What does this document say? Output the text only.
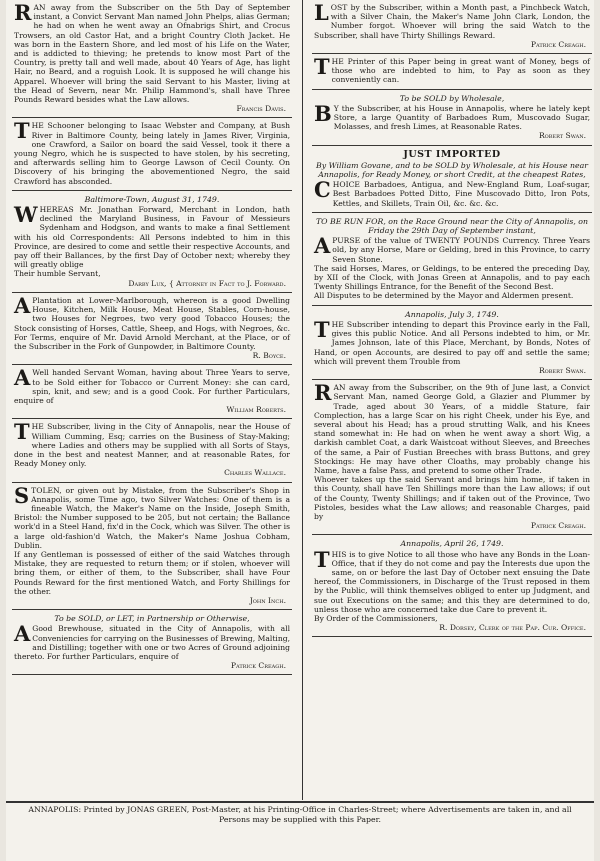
RAN away from the Subscriber on the 5th Day of September instant, a Convict Servant Man named John Phelps, alias German; he had on when he went away an Ofnabrigs Shirt, and Crocus Trowsers, an old Castor Hat, and a bright Country Cloth Jacket. He was born in the Eastern Shore, and led most of his Life on the Water, and is addicted to thieving; he pretends to know most Part of the Country, is pretty tall and well made, about 40 Years of Age, has light Hair, no Beard, and a roguish Look. It is supposed he will change his Apparel. Whoever will bring the said Servant to his Master, living at the Head of Severn, near Mr. Philip Hammond's, shall have Three Pounds Reward besides what the Law allows.

Francis Davis.

THE Schooner belonging to Isaac Webster and Company, at Bush River in Baltimore County, being lately in James River, Virginia, one Crawford, a Sailor on board the said Vessel, took it there a young Negro, which he is suspected to have stolen, by his secreting, and afterwards selling him to George Lawson of Cecil County. On Discovery of his bringing the abovementioned Negro, the said Crawford has absconded.

Baltimore-Town, August 31, 1749.

WHEREAS Mr. Jonathan Forward, Merchant in London, hath declined the Maryland Business, in Favour of Messieurs Sydenham and Hodgson, and wants to make a final Settlement with his old Correspondents: All Persons indebted to him in this Province, are desired to come and settle their respective Accounts, and pay off their Ballances, by the first Day of October next; whereby they will greatly oblige
Their humble Servant,

Darby Lux, { Attorney in Fact to J. Forward.

A Plantation at Lower-Marlborough, whereon is a good Dwelling House, Kitchen, Milk House, Meat House, Stables, Corn-house, two Houses for Negroes, two very good Tobacco Houses; the Stock consisting of Horses, Cattle, Sheep, and Hogs, with Negroes, &c. For Terms, enquire of Mr. David Arnold Merchant, at the Place, or of the Subscriber in the Fork of Gunpowder, in Baltimore County.

R. Boyce.

A Well handed Servant Woman, having about Three Years to serve, to be Sold either for Tobacco or Current Money: she can card, spin, knit, and sew; and is a good Cook. For further Particulars, enquire of

William Roberts.

THE Subscriber, living in the City of Annapolis, near the House of William Cumming, Esq; carries on the Business of Stay-Making; where Ladies and others may be supplied with all Sorts of Stays, done in the best and neatest Manner, and at reasonable Rates, for Ready Money only.

Charles Wallace.

STOLEN, or given out by Mistake, from the Subscriber's Shop in Annapolis, some Time ago, two Silver Watches: One of them is a fineable Watch, the Maker's Name on the Inside, Joseph Smith, Bristol: the Number supposed to be 205, but not certain; the Ballance work'd in a Steel Hand, fix'd in the Cock, which was Silver. The other is a large old-fashion'd Watch, the Maker's Name Joshua Cobham, Dublin.
If any Gentleman is possessed of either of the said Watches through Mistake, they are requested to return them; or if stolen, whoever will bring them, or either of them, to the Subscriber, shall have Four Pounds Reward for the first mentioned Watch, and Forty Shillings for the other.

John Inch.
To be SOLD, or LET, in Partnership or Otherwise,

A Good Brewhouse, situated in the City of Annapolis, with all Conveniencies for carrying on the Businesses of Brewing, Malting, and Distilling; together with one or two Acres of Ground adjoining thereto. For further Particulars, enquire of

Patrick Creagh.

LOST by the Subscriber, within a Month past, a Pinchbeck Watch, with a Silver Chain, the Maker's Name John Clark, London, the Number forgot. Whoever will bring the said Watch to the Subscriber, shall have Thirty Shillings Reward.

Patrick Creagh.

THE Printer of this Paper being in great want of Money, begs of those who are indebted to him, to Pay as soon as they conveniently can.

To be SOLD by Wholesale,

B Y the Subscriber, at his House in Annapolis, where he lately kept Store, a large Quantity of Barbadoes Rum, Muscovado Sugar, Molasses, and fresh Limes, at Reasonable Rates.

Robert Swan.
JUST IMPORTED
By William Govane, and to be SOLD by Wholesale, at his House near Annapolis, for Ready Money, or short Credit, at the cheapest Rates,

CHOICE Barbadoes, Antigua, and New-England Rum, Loaf-sugar, Best Barbadoes Potted Ditto, Fine Muscovado Ditto, Iron Pots, Kettles, and Skillets, Train Oil, &c. &c. &c.

TO BE RUN FOR, on the Race Ground near the City of Annapolis, on Friday the 29th Day of September instant,

APURSE of the value of TWENTY POUNDS Currency. Three Years old, by any Horse, Mare or Gelding, bred in this Province, to carry Seven Stone.
The said Horses, Mares, or Geldings, to be entered the preceding Day, by XII of the Clock, with Jonas Green at Annapolis, and to pay each Twenty Shillings Entrance, for the Benefit of the Second Best.
All Disputes to be determined by the Mayor and Aldermen present.

Annapolis, July 3, 1749.

THE Subscriber intending to depart this Province early in the Fall, gives this public Notice. And all Persons indebted to him, or Mr. James Johnson, late of this Place, Merchant, by Bonds, Notes of Hand, or open Accounts, are desired to pay off and settle the same; which will prevent them Trouble from

Robert Swan.

RAN away from the Subscriber, on the 9th of June last, a Convict Servant Man, named George Gold, a Glazier and Plummer by Trade, aged about 30 Years, of a middle Stature, fair Complection, has a large Scar on his right Cheek, under his Eye, and several about his Head; has a proud strutting Walk, and his Knees stand somewhat in: He had on when he went away a short Wig, a darkish camblet Coat, a dark Waistcoat without Sleeves, and Breeches of the same, a Pair of Fustian Breeches with brass Buttons, and grey Stockings: He may have other Cloaths, may probably change his Name, have a false Pass, and pretend to some other Trade.
Whoever takes up the said Servant and brings him home, if taken in this County, shall have Ten Shillings more than the Law allows; if out of the County, Twenty Shillings; and if taken out of the Province, Two Pistoles, besides what the Law allows; and reasonable Charges, paid by

Patrick Creagh.
Annapolis, April 26, 1749.

THIS is to give Notice to all those who have any Bonds in the Loan-Office, that if they do not come and pay the Interests due upon the same, on or before the last Day of October next ensuing the Date hereof, the Commissioners, in Discharge of the Trust reposed in them by the Public, will think themselves obliged to enter up Judgment, and sue out Executions on the same; and this they are determined to do, unless those who are concerned take due Care to prevent it.
By Order of the Commissioners,

R. Dorsey, Clerk of the Pap. Cur. Office.
ANNAPOLIS: Printed by JONAS GREEN, Post-Master, at his Printing-Office in Charles-Street; where Advertisements are taken in, and all Persons may be supplied with this Paper.
